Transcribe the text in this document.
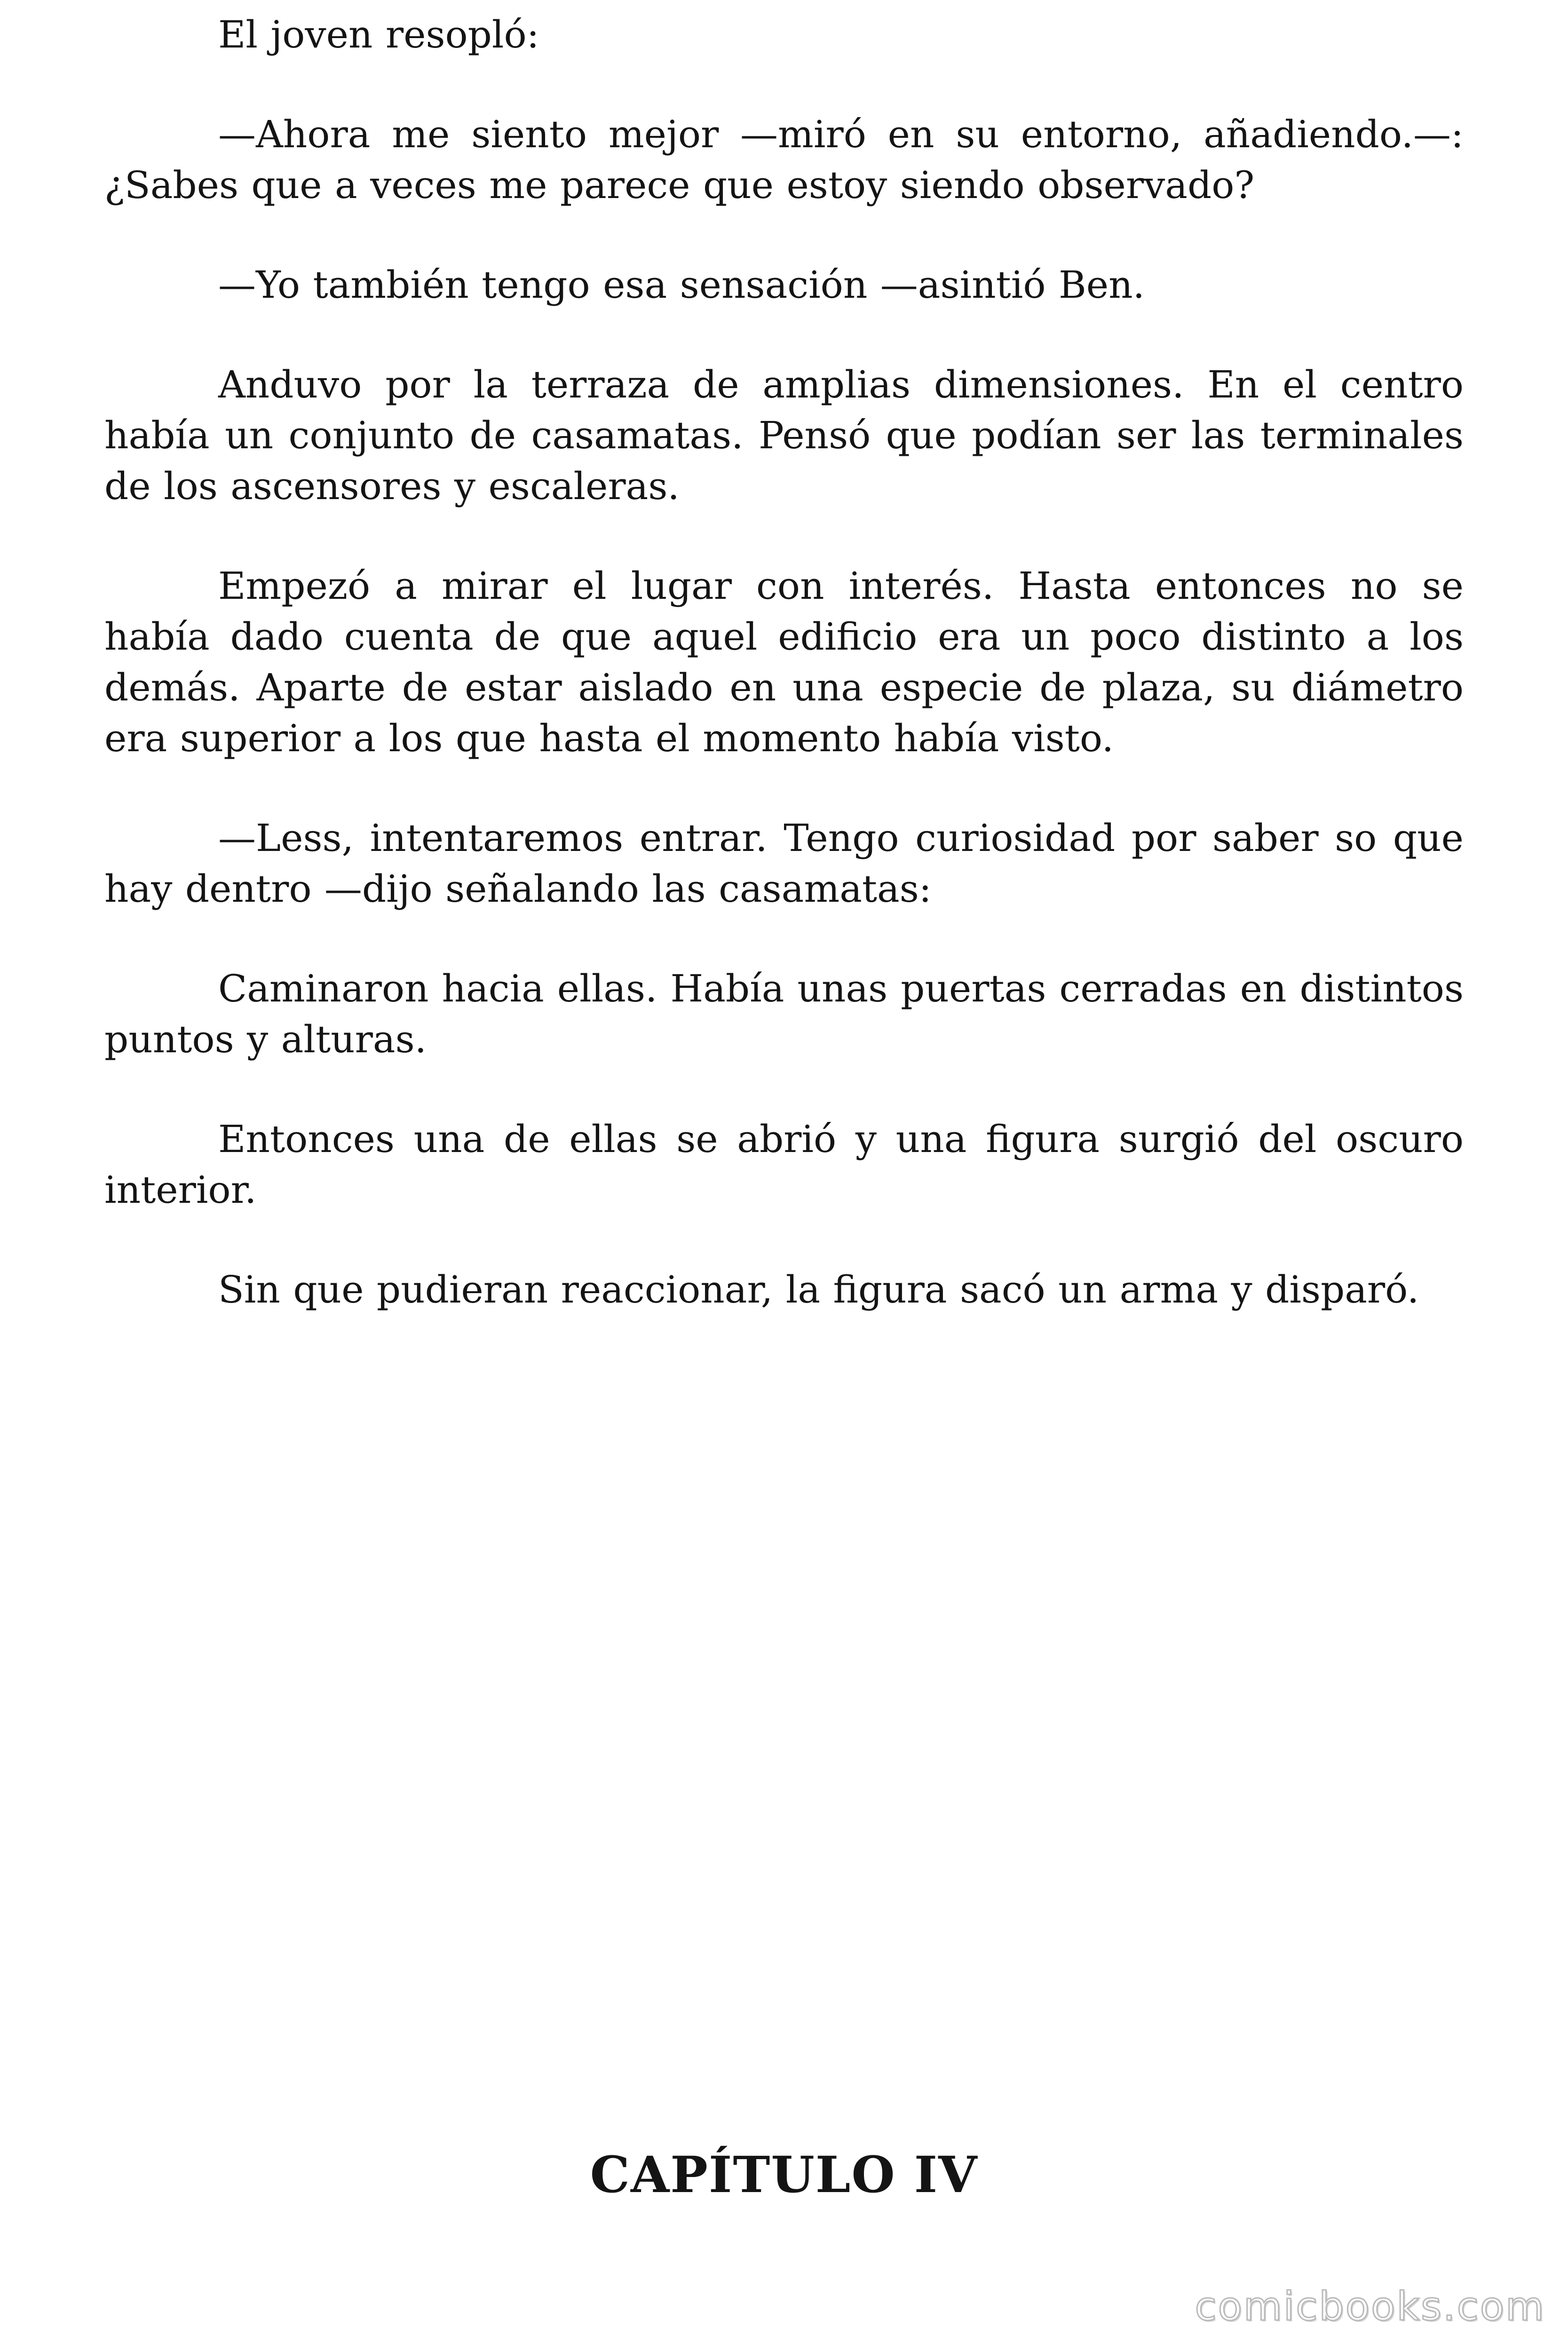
El joven resopló:

—Ahora me siento mejor —miró en su entorno, añadiendo.—: ¿Sabes que a veces me parece que estoy siendo observado?

—Yo también tengo esa sensación —asintió Ben.

Anduvo por la terraza de amplias dimensiones. En el centro había un conjunto de casamatas. Pensó que podían ser las terminales de los ascensores y escaleras.

Empezó a mirar el lugar con interés. Hasta entonces no se había dado cuenta de que aquel edificio era un poco distinto a los demás. Aparte de estar aislado en una especie de plaza, su diámetro era superior a los que hasta el momento había visto.

—Less, intentaremos entrar. Tengo curiosidad por saber so que hay dentro —dijo señalando las casamatas:

Caminaron hacia ellas. Había unas puertas cerradas en distintos puntos y alturas.

Entonces una de ellas se abrió y una figura surgió del oscuro interior.

Sin que pudieran reaccionar, la figura sacó un arma y disparó.

CAPÍTULO IV
comicbooks.com
